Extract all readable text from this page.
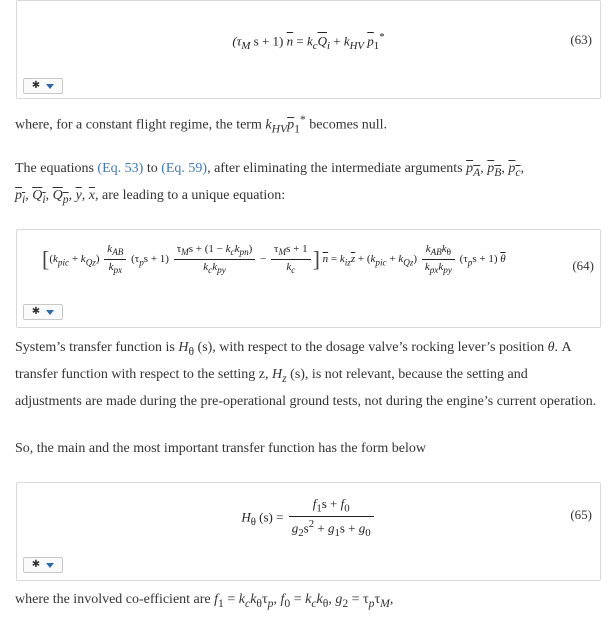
($\tau_M$ s + 1) $\overline{n} = k_c\overline{Q}_i + k_{HV}$ $\overline{p}_1^*$	(63)
✱
where, for a constant flight regime, the term $k_{HV}\overline{p}_1^*$ becomes null.
The equations (Eq. 53) to (Eq. 59), after eliminating the intermediate arguments $p_A$, $p_B$, $p_c$,
$p_i$, $Q_i$, $Q_p$, $\overline{y}$, $\overline{x}$, are leading to a unique equation:
[$(k_{pic} + k_{Qz}) \frac{k_{AB}}{k_{px}} (\tau_ps + 1) \frac{\tau_Ms + (1 - k_ck_{pn})}{k_ck_{py}} - \frac{\tau_Ms + 1}{k_c}$ ] $\overline{n} = k_{iz}\overline{z} + (k_{pic} + k_{Qz}) \frac{k_{AB}k_\theta}{k_{px}k_{py}} (\tau_ps + 1)$ $\overline{\theta}$	(64)
✱
System’s transfer function is $H_\theta$ (s), with respect to the dosage valve’s rocking lever’s position θ. A
transfer function with respect to the setting z, $H_z$ (s), is not relevant, because the setting and
adjustments are made during the pre-operational ground tests, not during the engine’s current operation.
So, the main and the most important transfer function has the form below
$H_\theta$ $(s) = \frac{f_1s + f_0}{g_2s^2 + g_1s + g_0}$	(65)
✱
where the involved co-efficient are $f_1 = k_ck_\theta\tau_p$, $f_0 = k_ck_\theta$, $g_2 = \tau_p\tau_M$,
